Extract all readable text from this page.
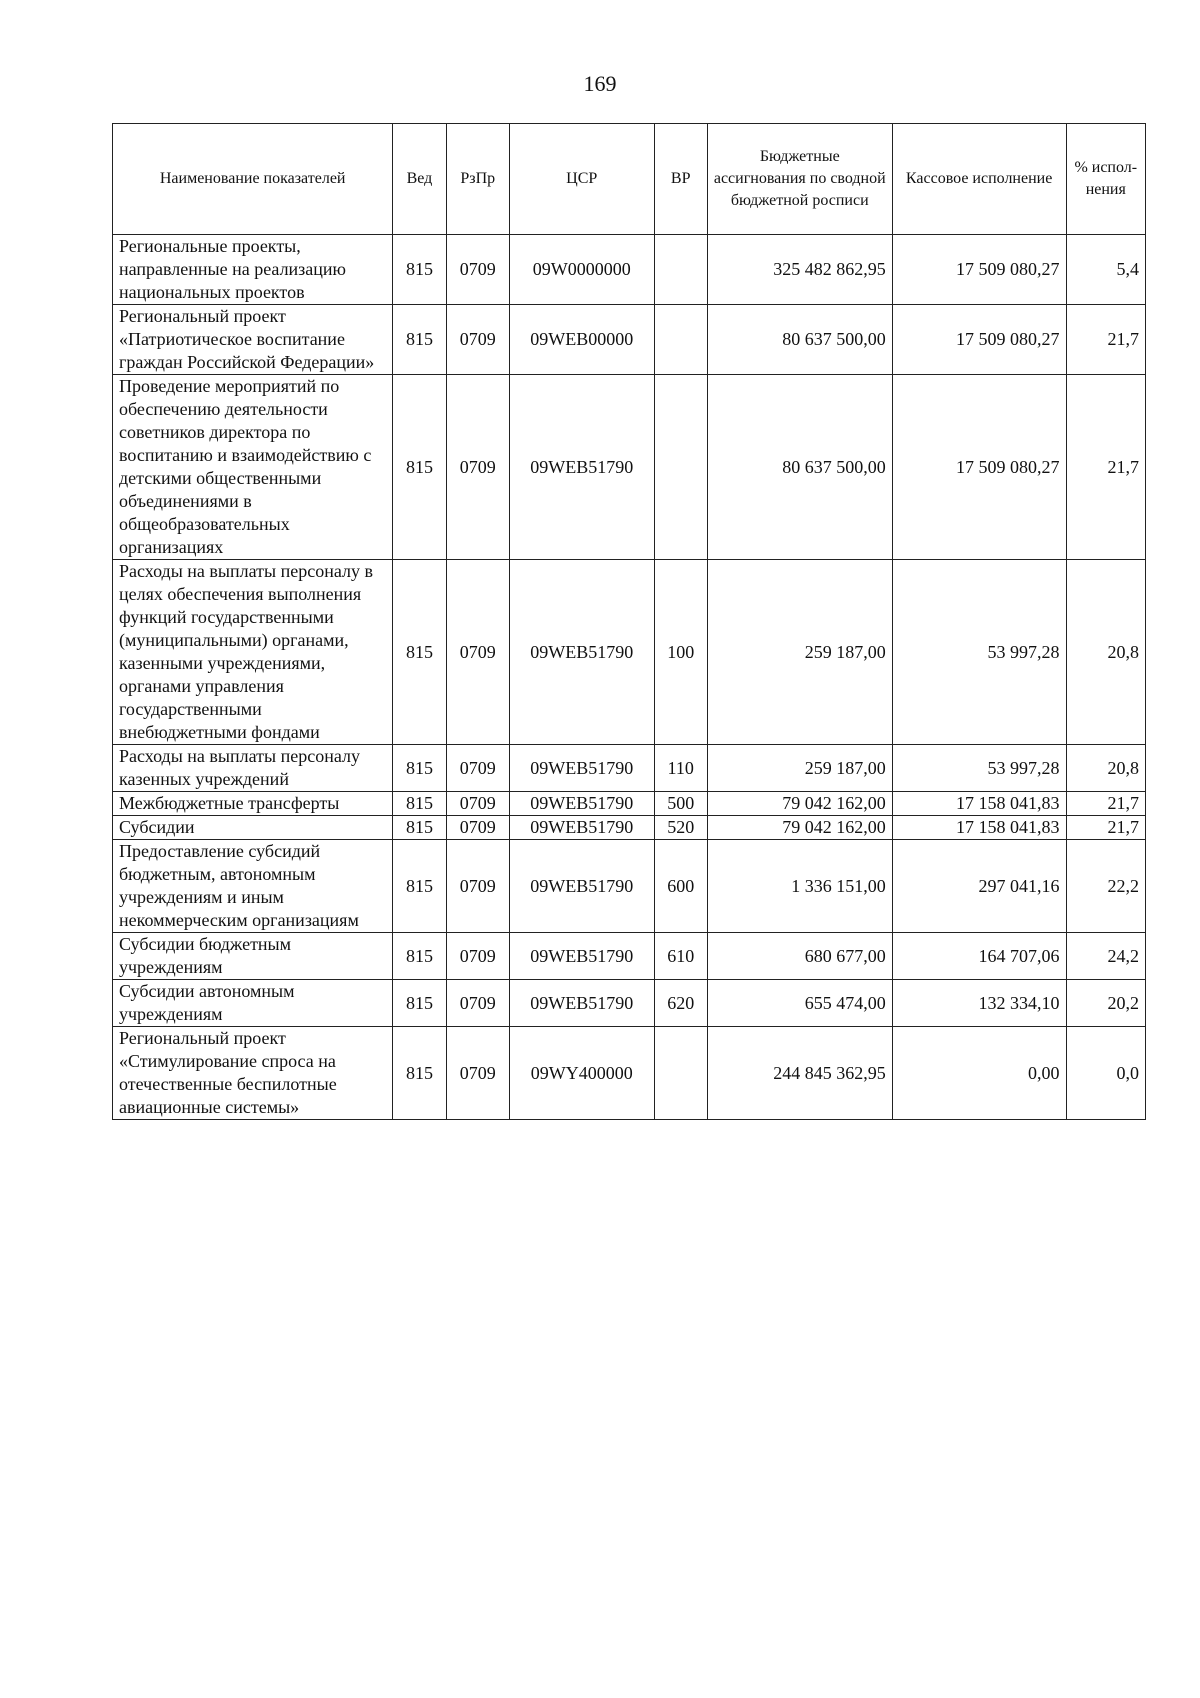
169
Наименование показателей	Вед	РзПр	ЦСР	ВР	Бюджетные ассигнования по сводной бюджетной росписи	Кассовое исполнение	% испол-нения
Региональные проекты, направленные на реализацию национальных проектов	815	0709	09W0000000		325 482 862,95	17 509 080,27	5,4
Региональный проект «Патриотическое воспитание граждан Российской Федерации»	815	0709	09WEB00000		80 637 500,00	17 509 080,27	21,7
Проведение мероприятий по обеспечению деятельности советников директора по воспитанию и взаимодействию с детскими общественными объединениями в общеобразовательных организациях	815	0709	09WEB51790		80 637 500,00	17 509 080,27	21,7
Расходы на выплаты персоналу в целях обеспечения выполнения функций государственными (муниципальными) органами, казенными учреждениями, органами управления государственными внебюджетными фондами	815	0709	09WEB51790	100	259 187,00	53 997,28	20,8
Расходы на выплаты персоналу казенных учреждений	815	0709	09WEB51790	110	259 187,00	53 997,28	20,8
Межбюджетные трансферты	815	0709	09WEB51790	500	79 042 162,00	17 158 041,83	21,7
Субсидии	815	0709	09WEB51790	520	79 042 162,00	17 158 041,83	21,7
Предоставление субсидий бюджетным, автономным учреждениям и иным некоммерческим организациям	815	0709	09WEB51790	600	1 336 151,00	297 041,16	22,2
Субсидии бюджетным учреждениям	815	0709	09WEB51790	610	680 677,00	164 707,06	24,2
Субсидии автономным учреждениям	815	0709	09WEB51790	620	655 474,00	132 334,10	20,2
Региональный проект «Стимулирование спроса на отечественные беспилотные авиационные системы»	815	0709	09WY400000		244 845 362,95	0,00	0,0
